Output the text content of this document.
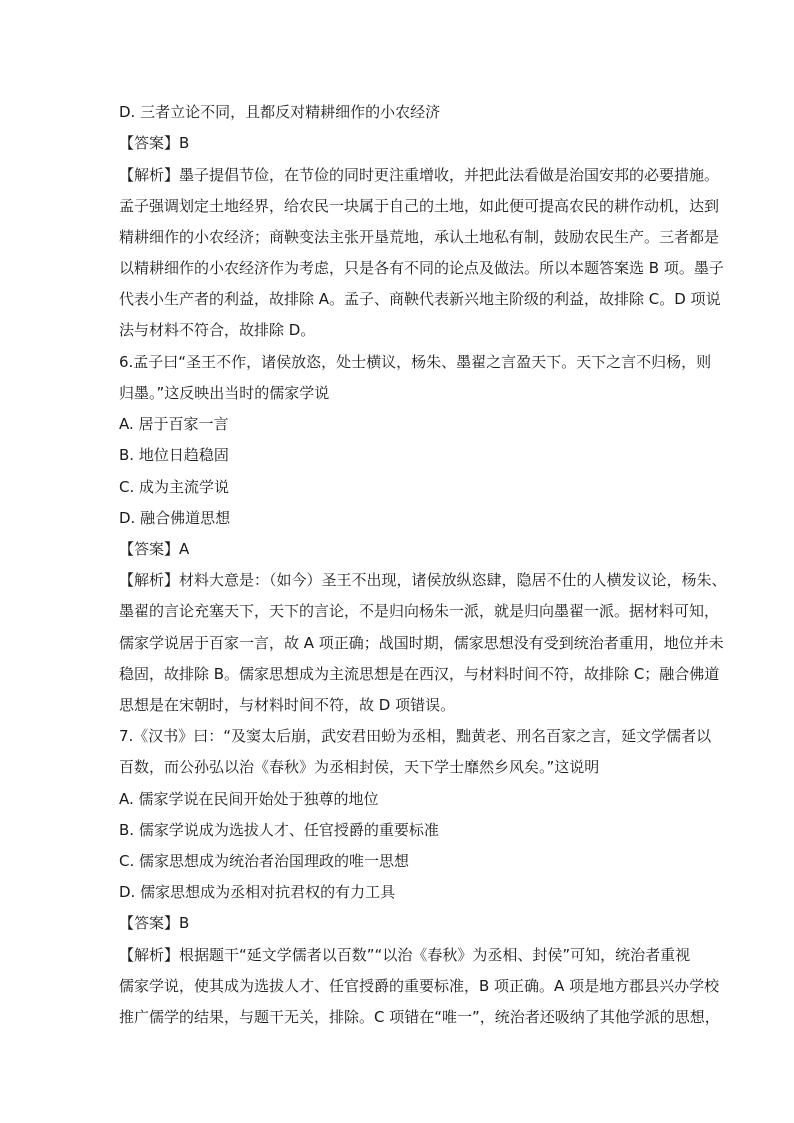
D. 三者立论不同，且都反对精耕细作的小农经济
【答案】B
【解析】墨子提倡节俭，在节俭的同时更注重增收，并把此法看做是治国安邦的必要措施。
孟子强调划定土地经界，给农民一块属于自己的土地，如此便可提高农民的耕作动机，达到
精耕细作的小农经济；商鞅变法主张开垦荒地，承认土地私有制，鼓励农民生产。三者都是
以精耕细作的小农经济作为考虑，只是各有不同的论点及做法。所以本题答案选 B 项。墨子
代表小生产者的利益，故排除 A。孟子、商鞅代表新兴地主阶级的利益，故排除 C。D 项说
法与材料不符合，故排除 D。
6.孟子曰“圣王不作，诸侯放恣，处士横议，杨朱、墨翟之言盈天下。天下之言不归杨，则
归墨。”这反映出当时的儒家学说
A. 居于百家一言
B. 地位日趋稳固
C. 成为主流学说
D. 融合佛道思想
【答案】A
【解析】材料大意是：（如今）圣王不出现，诸侯放纵恣肆，隐居不仕的人横发议论，杨朱、
墨翟的言论充塞天下，天下的言论，不是归向杨朱一派，就是归向墨翟一派。据材料可知，
儒家学说居于百家一言，故 A 项正确；战国时期，儒家思想没有受到统治者重用，地位并未
稳固，故排除 B。儒家思想成为主流思想是在西汉，与材料时间不符，故排除 C；融合佛道
思想是在宋朝时，与材料时间不符，故 D 项错误。
7.《汉书》曰：“及窦太后崩，武安君田蚡为丞相，黜黄老、刑名百家之言，延文学儒者以
百数，而公孙弘以治《春秋》为丞相封侯，天下学士靡然乡风矣。”这说明
A. 儒家学说在民间开始处于独尊的地位
B. 儒家学说成为选拔人才、任官授爵的重要标准
C. 儒家思想成为统治者治国理政的唯一思想
D. 儒家思想成为丞相对抗君权的有力工具
【答案】B
【解析】根据题干“延文学儒者以百数”“以治《春秋》为丞相、封侯”可知，统治者重视
儒家学说，使其成为选拔人才、任官授爵的重要标准，B 项正确。A 项是地方郡县兴办学校
推广儒学的结果，与题干无关，排除。C 项错在“唯一”，统治者还吸纳了其他学派的思想，
